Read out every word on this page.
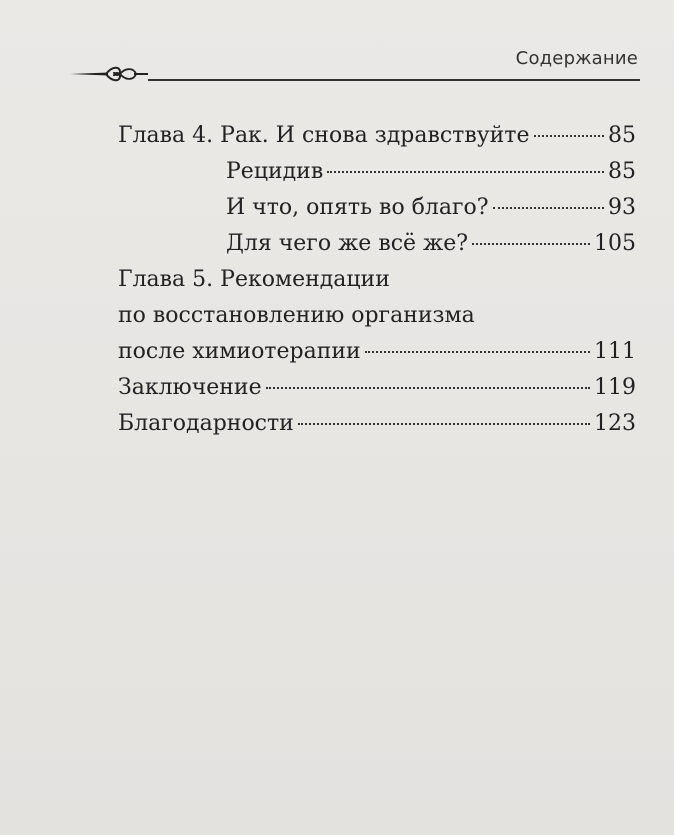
Содержание
Глава 4. Рак. И снова здравствуйте	85
Рецидив	85
И что, опять во благо?	93
Для чего же всё же?	105
Глава 5. Рекомендации
по восстановлению организма
после химиотерапии	111
Заключение	119
Благодарности	123
